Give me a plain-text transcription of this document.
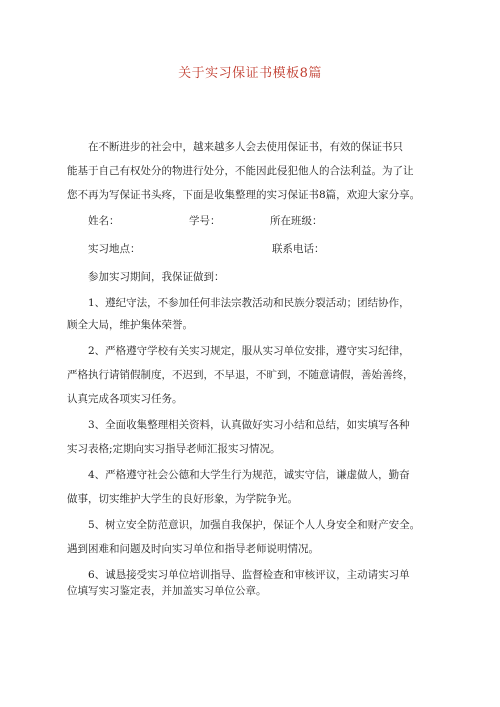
关于实习保证书模板8篇
在不断进步的社会中，越来越多人会去使用保证书，有效的保证书只
能基于自己有权处分的物进行处分，不能因此侵犯他人的合法利益。为了让
您不再为写保证书头疼，下面是收集整理的实习保证书8篇，欢迎大家分享。
姓名：	学号：	所在班级：
实习地点：	联系电话：
参加实习期间，我保证做到：
1、遵纪守法，不参加任何非法宗教活动和民族分裂活动；团结协作，
顾全大局，维护集体荣誉。
2、严格遵守学校有关实习规定，服从实习单位安排，遵守实习纪律，
严格执行请销假制度，不迟到，不早退，不旷到，不随意请假，善始善终，
认真完成各项实习任务。
3、全面收集整理相关资料，认真做好实习小结和总结，如实填写各种
实习表格;定期向实习指导老师汇报实习情况。
4、严格遵守社会公德和大学生行为规范，诚实守信，谦虚做人，勤奋
做事，切实维护大学生的良好形象，为学院争光。
5、树立安全防范意识，加强自我保护，保证个人人身安全和财产安全。
遇到困难和问题及时向实习单位和指导老师说明情况。
6、诚恳接受实习单位培训指导、监督检查和审核评议，主动请实习单
位填写实习鉴定表，并加盖实习单位公章。
